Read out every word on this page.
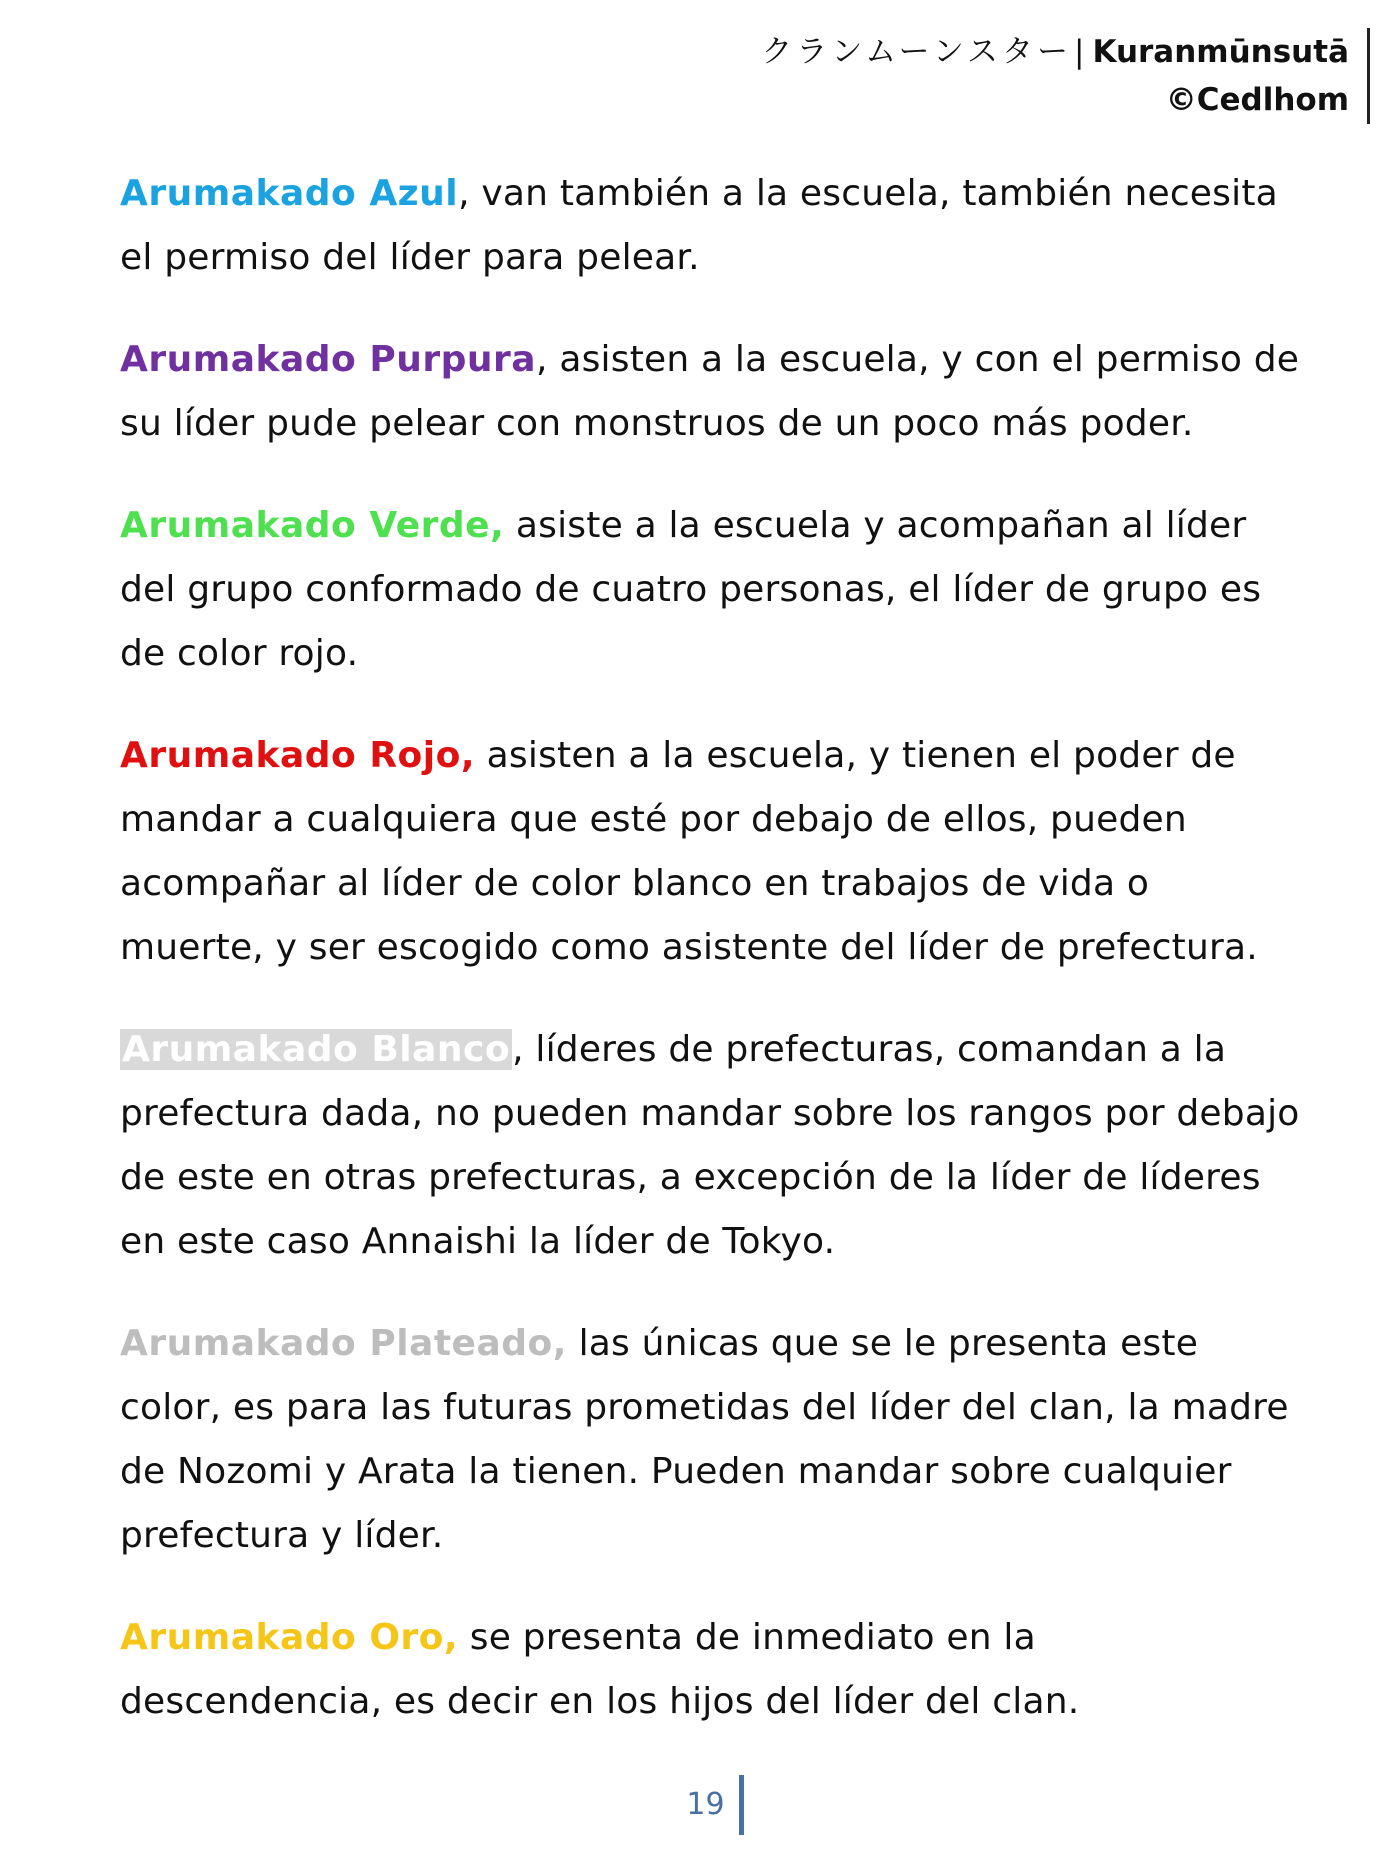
クランムーンスター| Kuranmūnsutā
©Cedlhom

Arumakado Azul, van también a la escuela, también necesita el permiso del líder para pelear.

Arumakado Purpura, asisten a la escuela, y con el permiso de su líder pude pelear con monstruos de un poco más poder.

Arumakado Verde, asiste a la escuela y acompañan al líder del grupo conformado de cuatro personas, el líder de grupo es de color rojo.

Arumakado Rojo, asisten a la escuela, y tienen el poder de mandar a cualquiera que esté por debajo de ellos, pueden acompañar al líder de color blanco en trabajos de vida o muerte, y ser escogido como asistente del líder de prefectura.

Arumakado Blanco, líderes de prefecturas, comandan a la prefectura dada, no pueden mandar sobre los rangos por debajo de este en otras prefecturas, a excepción de la líder de líderes en este caso Annaishi la líder de Tokyo.

Arumakado Plateado, las únicas que se le presenta este color, es para las futuras prometidas del líder del clan, la madre de Nozomi y Arata la tienen. Pueden mandar sobre cualquier prefectura y líder.

Arumakado Oro, se presenta de inmediato en la descendencia, es decir en los hijos del líder del clan.

19
